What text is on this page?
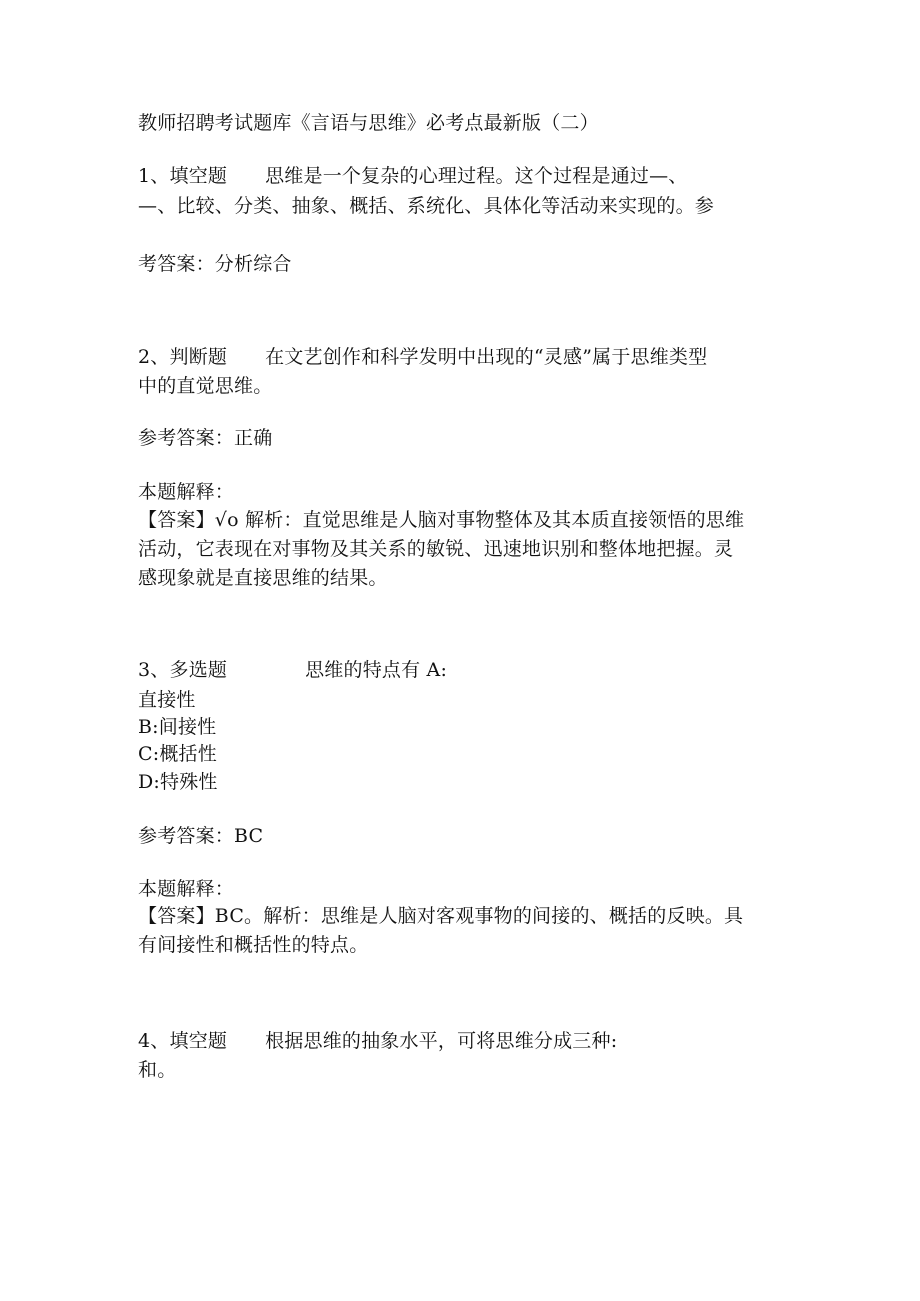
教师招聘考试题库《言语与思维》必考点最新版（二）
1、填空题 思维是一个复杂的心理过程。这个过程是通过—、
—、比较、分类、抽象、概括、系统化、具体化等活动来实现的。参
考答案：分析综合
2、判断题 在文艺创作和科学发明中出现的“灵感”属于思维类型
中的直觉思维。
参考答案：正确
本题解释：
【答案】√o 解析：直觉思维是人脑对事物整体及其本质直接领悟的思维
活动，它表现在对事物及其关系的敏锐、迅速地识别和整体地把握。灵
感现象就是直接思维的结果。
3、多选题	思维的特点有 A:
直接性
B:间接性
C:概括性
D:特殊性
参考答案：BC
本题解释：
【答案】BC。解析：思维是人脑对客观事物的间接的、概括的反映。具
有间接性和概括性的特点。
4、填空题 根据思维的抽象水平，可将思维分成三种:
和。
